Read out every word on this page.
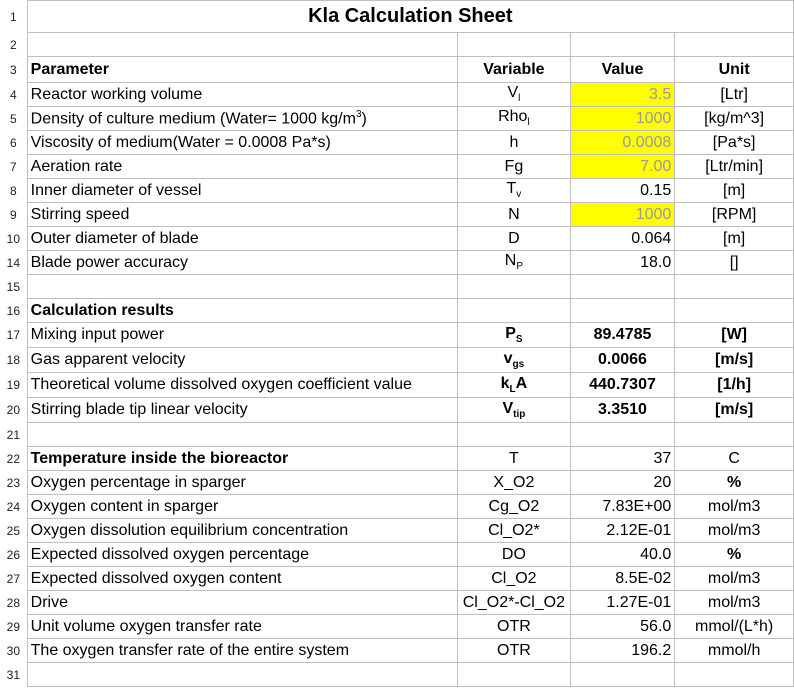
1	Kla Calculation Sheet			
2				
3	Parameter	Variable	Value	Unit
4	Reactor working volume	$V_l$	3.5	[Ltr]
5	Density of culture medium (Water= 1000 $kg/m^3$)	Rho$_l$	1000	[kg/m^3]
6	Viscosity of medium(Water = 0.0008 Pa*s)	h	0.0008	[Pa*s]
7	Aeration rate	Fg	7.00	[Ltr/min]
8	Inner diameter of vessel	$T_v$	0.15	[m]
9	Stirring speed	N	1000	[RPM]
10	Outer diameter of blade	D	0.064	[m]
14	Blade power accuracy	$N_P$	18.0	[]
15				
16	Calculation results			
17	Mixing input power	$P_S$	89.4785	[W]
18	Gas apparent velocity	$v_{gs}$	0.0066	[m/s]
19	Theoretical volume dissolved oxygen coefficient value	$k_LA$	440.7307	[1/h]
20	Stirring blade tip linear velocity	$V_{tip}$	3.3510	[m/s]
21				
22	Temperature inside the bioreactor	T	37	C
23	Oxygen percentage in sparger	X_O2	20	%
24	Oxygen content in sparger	Cg_O2	7.83E+00	mol/m3
25	Oxygen dissolution equilibrium concentration	Cl_O2*	2.12E-01	mol/m3
26	Expected dissolved oxygen percentage	DO	40.0	%
27	Expected dissolved oxygen content	Cl_O2	8.5E-02	mol/m3
28	Drive	Cl_O2*-Cl_O2	1.27E-01	mol/m3
29	Unit volume oxygen transfer rate	OTR	56.0	mmol/(L*h)
30	The oxygen transfer rate of the entire system	OTR	196.2	mmol/h
31				
